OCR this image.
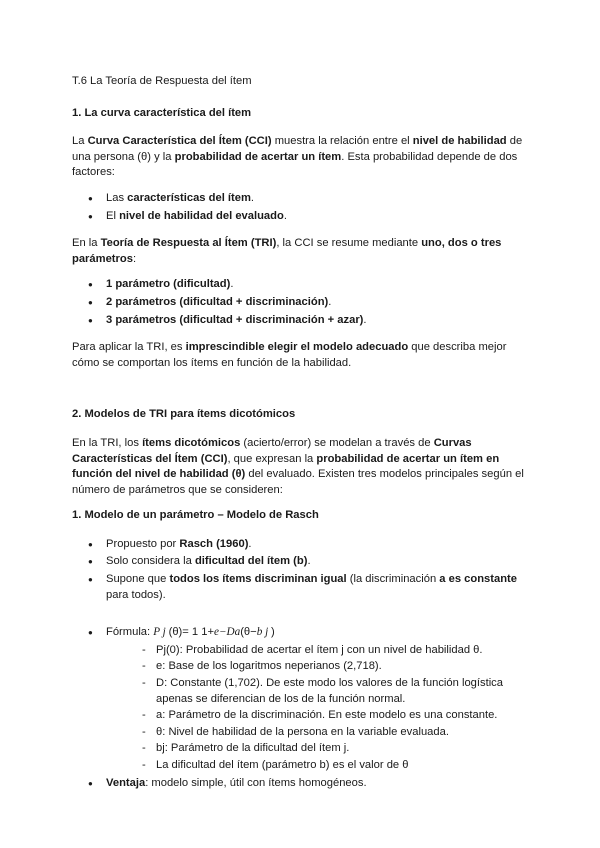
T.6 La Teoría de Respuesta del ítem

1. La curva característica del ítem

La Curva Característica del Ítem (CCI) muestra la relación entre el nivel de habilidad de una persona (θ) y la probabilidad de acertar un ítem. Esta probabilidad depende de dos factores:

● Las características del ítem.
● El nivel de habilidad del evaluado.

En la Teoría de Respuesta al Ítem (TRI), la CCI se resume mediante uno, dos o tres parámetros:

● 1 parámetro (dificultad).
● 2 parámetros (dificultad + discriminación).
● 3 parámetros (dificultad + discriminación + azar).

Para aplicar la TRI, es imprescindible elegir el modelo adecuado que describa mejor cómo se comportan los ítems en función de la habilidad.

2. Modelos de TRI para ítems dicotómicos

En la TRI, los ítems dicotómicos (acierto/error) se modelan a través de Curvas Características del Ítem (CCI), que expresan la probabilidad de acertar un ítem en función del nivel de habilidad (θ) del evaluado. Existen tres modelos principales según el número de parámetros que se consideren:

1. Modelo de un parámetro – Modelo de Rasch

● Propuesto por Rasch (1960).
● Solo considera la dificultad del ítem (b).
● Supone que todos los ítems discriminan igual (la discriminación a es constante para todos).
● Fórmula: P j (θ)= 1 1+e−Da(θ−b j )
- Pj(0): Probabilidad de acertar el ítem j con un nivel de habilidad θ.
- e: Base de los logaritmos neperianos (2,718).
- D: Constante (1,702). De este modo los valores de la función logística apenas se diferencian de los de la función normal.
- a: Parámetro de la discriminación. En este modelo es una constante.
- θ: Nivel de habilidad de la persona en la variable evaluada.
- bj: Parámetro de la dificultad del ítem j.
- La dificultad del ítem (parámetro b) es el valor de θ
● Ventaja: modelo simple, útil con ítems homogéneos.
